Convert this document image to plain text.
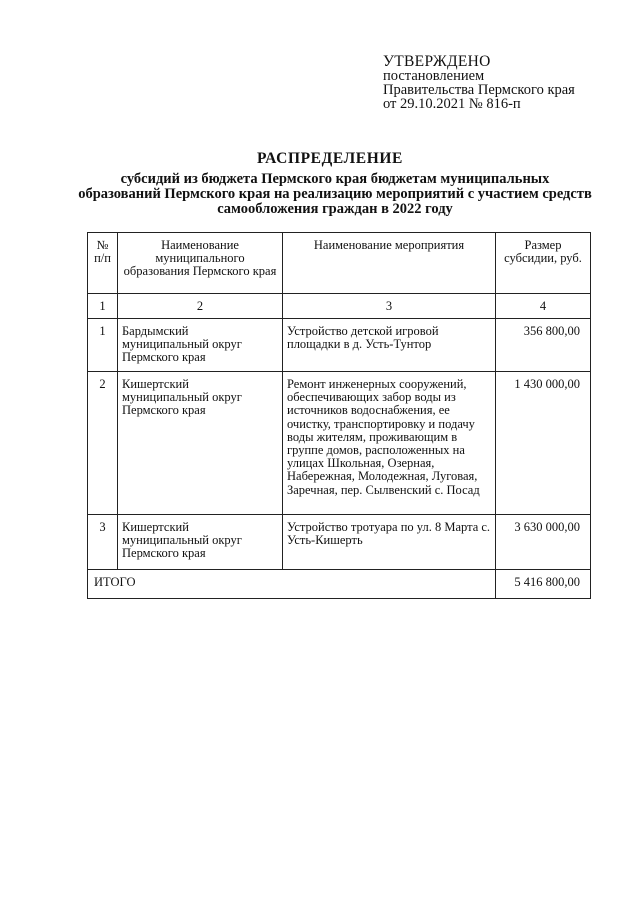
УТВЕРЖДЕНО
постановлением
Правительства Пермского края
от 29.10.2021 № 816-п
РАСПРЕДЕЛЕНИЕ
субсидий из бюджета Пермского края бюджетам муниципальных образований Пермского края на реализацию мероприятий с участием средств самообложения граждан в 2022 году
№ п/п	Наименование муниципального образования Пермского края	Наименование мероприятия	Размер субсидии, руб.
1	2	3	4
1	Бардымский муниципальный округ Пермского края	Устройство детской игровой площадки в д. Усть-Тунтор	356 800,00
2	Кишертский муниципальный округ Пермского края	Ремонт инженерных сооружений, обеспечивающих забор воды из источников водоснабжения, ее очистку, транспортировку и подачу воды жителям, проживающим в группе домов, расположенных на улицах Школьная, Озерная, Набережная, Молодежная, Луговая, Заречная, пер. Сылвенский с. Посад	1 430 000,00
3	Кишертский муниципальный округ Пермского края	Устройство тротуара по ул. 8 Марта с. Усть-Кишерть	3 630 000,00
ИТОГО			5 416 800,00
